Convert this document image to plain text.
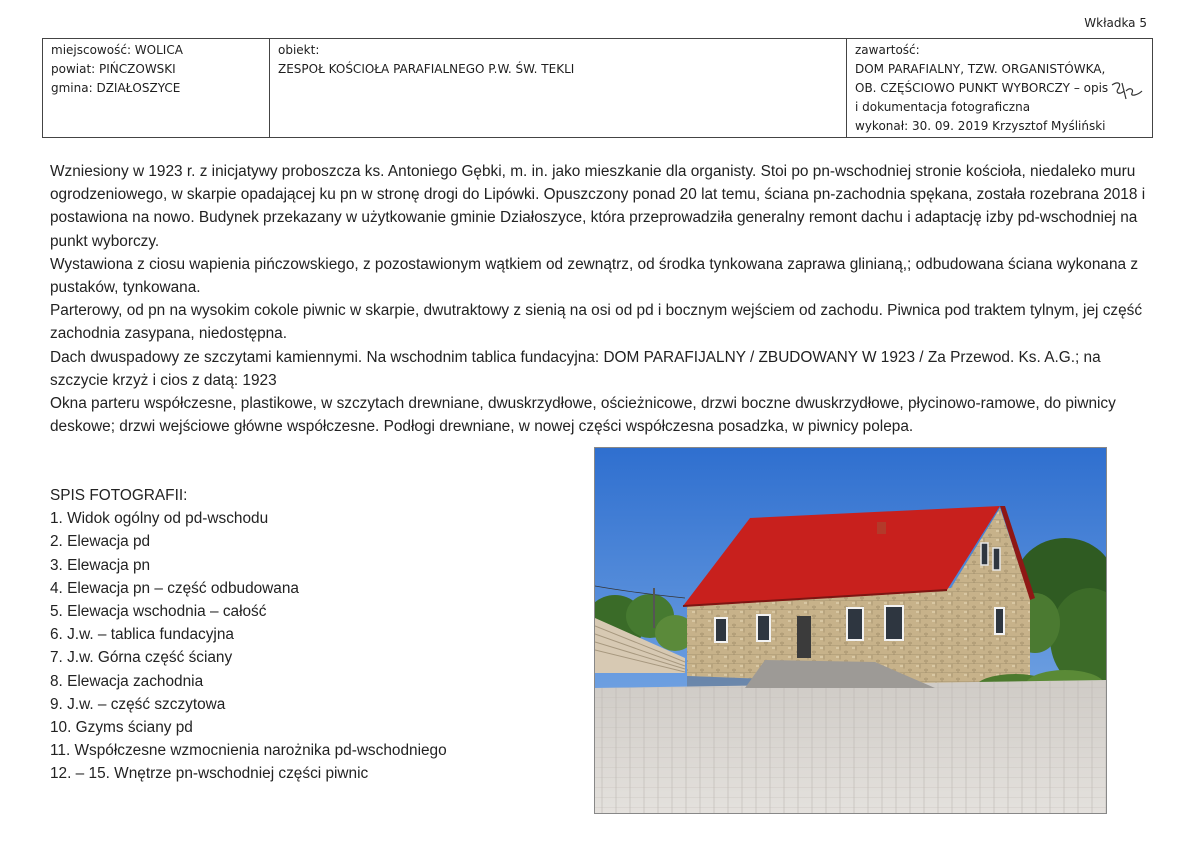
Wkładka 5
miejscowość: WOLICA
powiat: PIŃCZOWSKI
gmina: DZIAŁOSZYCE

obiekt:
ZESPOŁ KOŚCIOŁA PARAFIALNEGO P.W. ŚW. TEKLI

zawartość:
DOM PARAFIALNY, TZW. ORGANISTÓWKA,
OB. CZĘŚCIOWO PUNKT WYBORCZY – opis
i dokumentacja fotograficzna
wykonał: 30. 09. 2019 Krzysztof Myśliński

Wzniesiony w 1923 r. z inicjatywy proboszcza ks. Antoniego Gębki, m. in. jako mieszkanie dla organisty. Stoi po pn-wschodniej stronie kościoła, niedaleko muru ogrodzeniowego, w skarpie opadającej ku pn w stronę drogi do Lipówki. Opuszczony ponad 20 lat temu, ściana pn-zachodnia spękana, została rozebrana 2018 i postawiona na nowo. Budynek przekazany w użytkowanie gminie Działoszyce, która przeprowadziła generalny remont dachu i adaptację izby pd-wschodniej na punkt wyborczy.

Wystawiona z ciosu wapienia pińczowskiego, z pozostawionym wątkiem od zewnątrz, od środka tynkowana zaprawa glinianą,; odbudowana ściana wykonana z pustaków, tynkowana.

Parterowy, od pn na wysokim cokole piwnic w skarpie, dwutraktowy z sienią na osi od pd i bocznym wejściem od zachodu. Piwnica pod traktem tylnym, jej część zachodnia zasypana, niedostępna.

Dach dwuspadowy ze szczytami kamiennymi. Na wschodnim tablica fundacyjna: DOM PARAFIJALNY / ZBUDOWANY W 1923 / Za Przewod. Ks. A.G.; na szczycie krzyż i cios z datą: 1923

Okna parteru współczesne, plastikowe, w szczytach drewniane, dwuskrzydłowe, ościeżnicowe, drzwi boczne dwuskrzydłowe, płycinowo-ramowe, do piwnicy deskowe; drzwi wejściowe główne współczesne. Podłogi drewniane, w nowej części współczesna posadzka, w piwnicy polepa.

SPIS FOTOGRAFII:

1. Widok ogólny od pd-wschodu
2. Elewacja pd
3. Elewacja pn
4. Elewacja pn – część odbudowana
5. Elewacja wschodnia – całość
6. J.w. – tablica fundacyjna
7. J.w. Górna część ściany
8. Elewacja zachodnia
9. J.w. – część szczytowa
10. Gzyms ściany pd
11. Współczesne wzmocnienia narożnika pd-wschodniego
12. – 15. Wnętrze pn-wschodniej części piwnic
